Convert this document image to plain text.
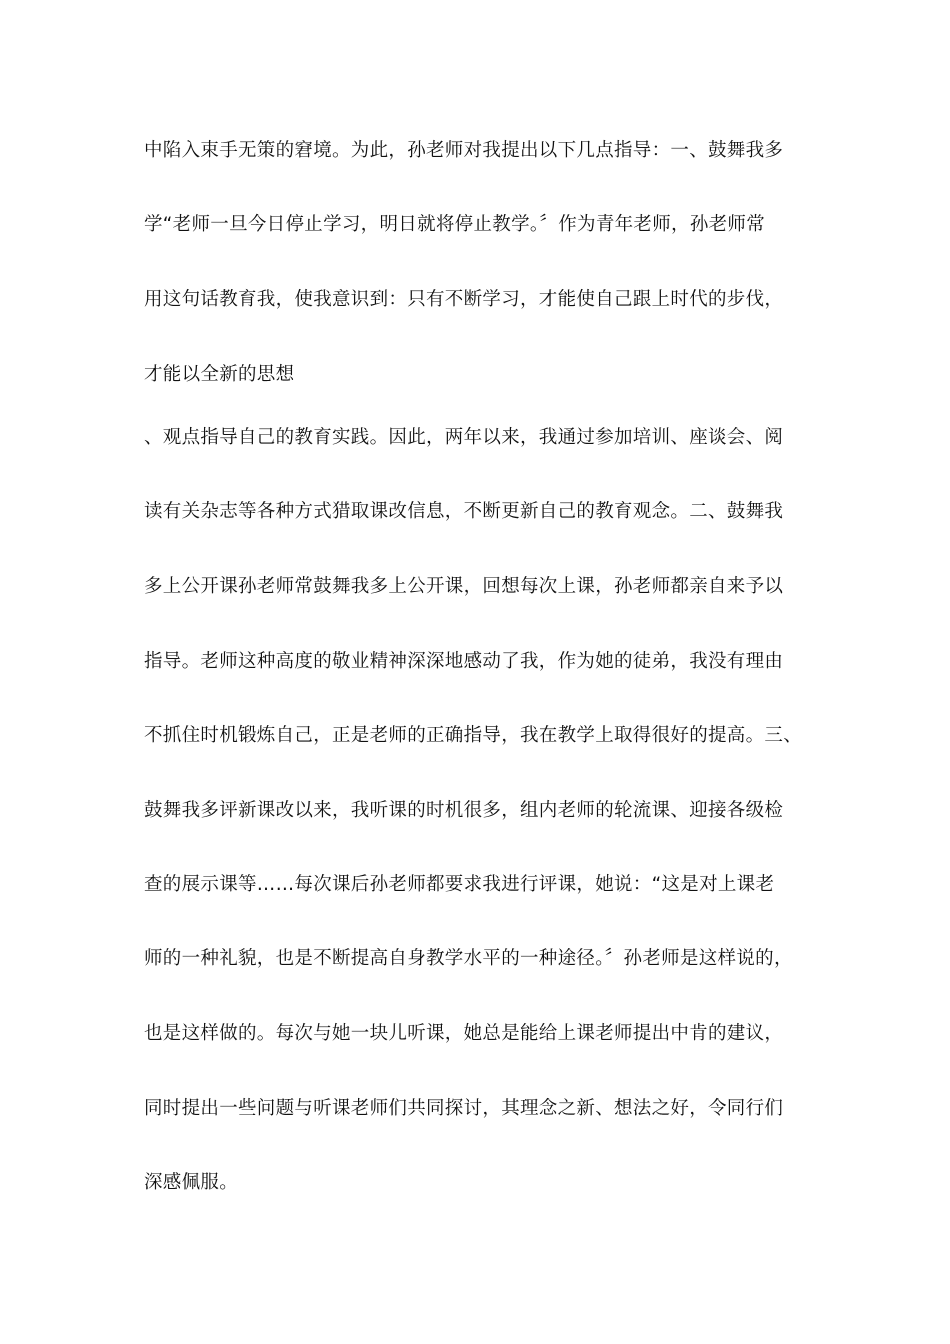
中陷入束手无策的窘境。为此，孙老师对我提出以下几点指导：一、鼓舞我多

学“老师一旦今日停止学习，明日就将停止教学。〞作为青年老师，孙老师常

用这句话教育我，使我意识到：只有不断学习，才能使自己跟上时代的步伐，

才能以全新的思想

、观点指导自己的教育实践。因此，两年以来，我通过参加培训、座谈会、阅

读有关杂志等各种方式猎取课改信息，不断更新自己的教育观念。二、鼓舞我

多上公开课孙老师常鼓舞我多上公开课，回想每次上课，孙老师都亲自来予以

指导。老师这种高度的敬业精神深深地感动了我，作为她的徒弟，我没有理由

不抓住时机锻炼自己，正是老师的正确指导，我在教学上取得很好的提高。三、

鼓舞我多评新课改以来，我听课的时机很多，组内老师的轮流课、迎接各级检

查的展示课等……每次课后孙老师都要求我进行评课，她说：“这是对上课老

师的一种礼貌，也是不断提高自身教学水平的一种途径。〞孙老师是这样说的，

也是这样做的。每次与她一块儿听课，她总是能给上课老师提出中肯的建议，

同时提出一些问题与听课老师们共同探讨，其理念之新、想法之好，令同行们

深感佩服。
